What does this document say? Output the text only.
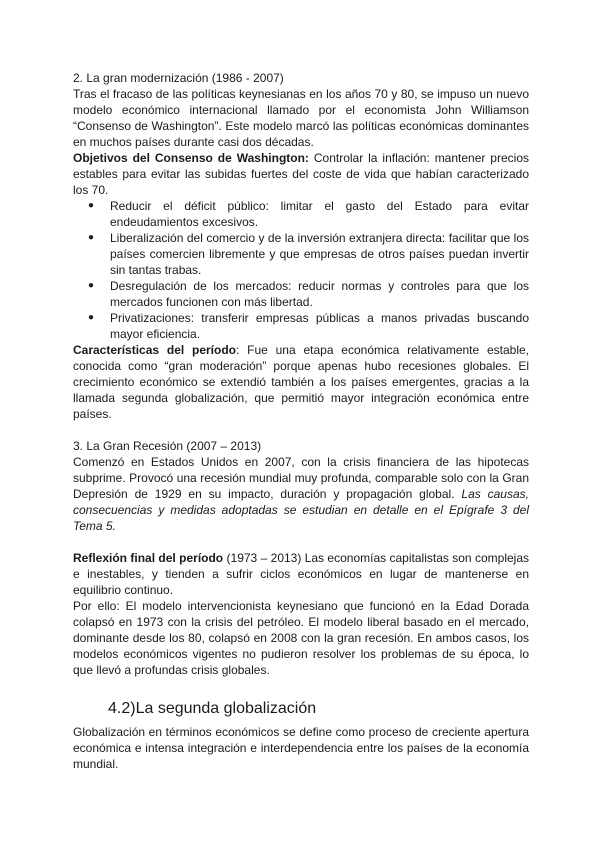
2. La gran modernización (1986 - 2007)

Tras el fracaso de las políticas keynesianas en los años 70 y 80, se impuso un nuevo modelo económico internacional llamado por el economista John Williamson “Consenso de Washington”. Este modelo marcó las políticas económicas dominantes en muchos países durante casi dos décadas.

Objetivos del Consenso de Washington: Controlar la inflación: mantener precios estables para evitar las subidas fuertes del coste de vida que habían caracterizado los 70.

● Reducir el déficit público: limitar el gasto del Estado para evitar endeudamientos excesivos.
● Liberalización del comercio y de la inversión extranjera directa: facilitar que los países comercien libremente y que empresas de otros países puedan invertir sin tantas trabas.
● Desregulación de los mercados: reducir normas y controles para que los mercados funcionen con más libertad.
● Privatizaciones: transferir empresas públicas a manos privadas buscando mayor eficiencia.

Características del período: Fue una etapa económica relativamente estable, conocida como “gran moderación” porque apenas hubo recesiones globales. El crecimiento económico se extendió también a los países emergentes, gracias a la llamada segunda globalización, que permitió mayor integración económica entre países.

3. La Gran Recesión (2007 – 2013)

Comenzó en Estados Unidos en 2007, con la crisis financiera de las hipotecas subprime. Provocó una recesión mundial muy profunda, comparable solo con la Gran Depresión de 1929 en su impacto, duración y propagación global. Las causas, consecuencias y medidas adoptadas se estudian en detalle en el Epígrafe 3 del Tema 5.

Reflexión final del período (1973 – 2013) Las economías capitalistas son complejas e inestables, y tienden a sufrir ciclos económicos en lugar de mantenerse en equilibrio continuo.

Por ello: El modelo intervencionista keynesiano que funcionó en la Edad Dorada colapsó en 1973 con la crisis del petróleo. El modelo liberal basado en el mercado, dominante desde los 80, colapsó en 2008 con la gran recesión. En ambos casos, los modelos económicos vigentes no pudieron resolver los problemas de su época, lo que llevó a profundas crisis globales.

4.2)La segunda globalización

Globalización en términos económicos se define como proceso de creciente apertura económica e intensa integración e interdependencia entre los países de la economía mundial.
